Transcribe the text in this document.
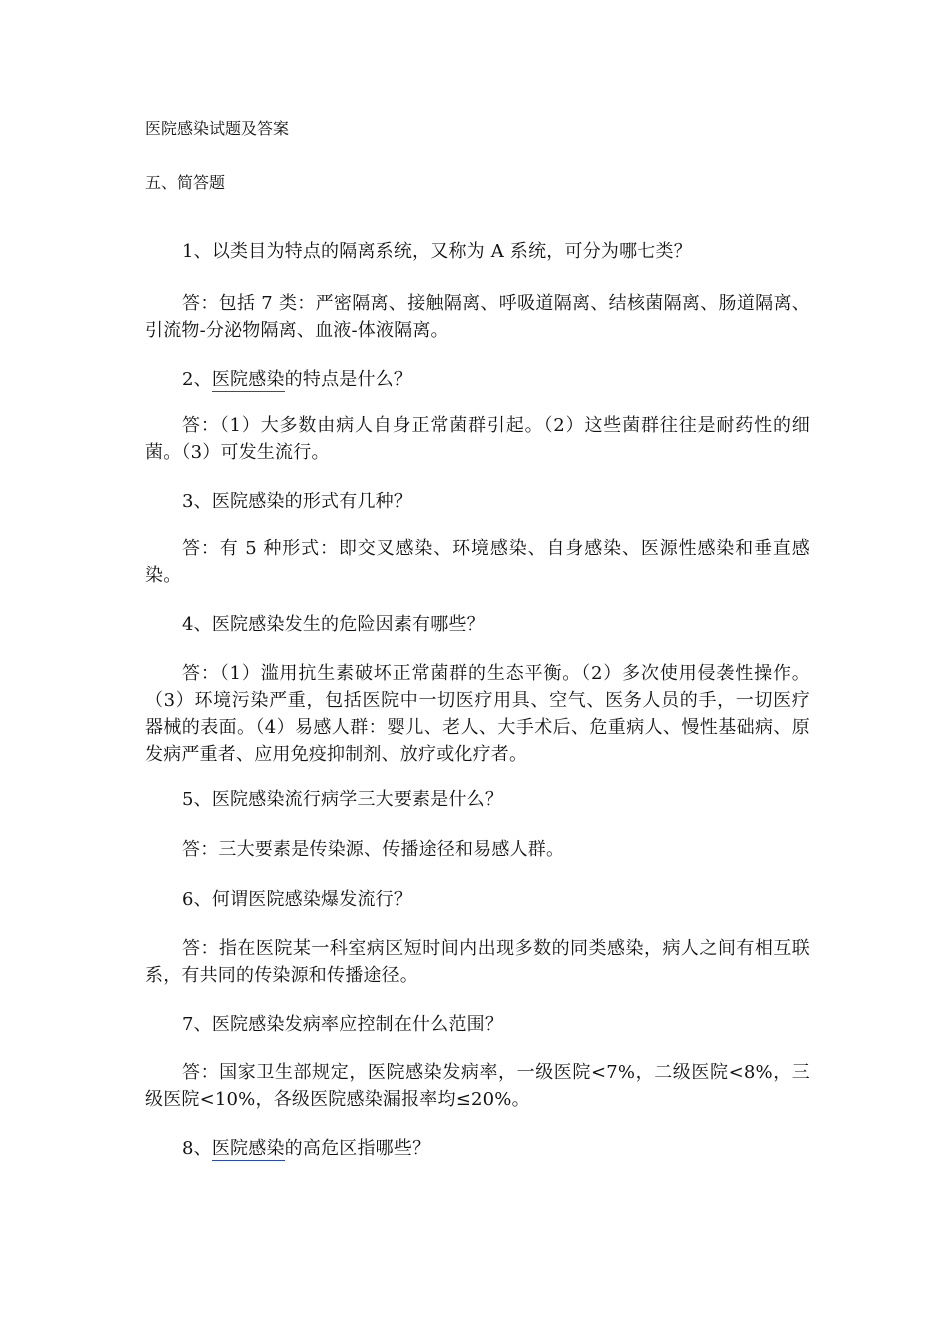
医院感染试题及答案
五、简答题
1、以类目为特点的隔离系统，又称为 A 系统，可分为哪七类？
答：包括 7 类：严密隔离、接触隔离、呼吸道隔离、结核菌隔离、肠道隔离、引流物-分泌物隔离、血液-体液隔离。
2、医院感染的特点是什么？
答：（1）大多数由病人自身正常菌群引起。（2）这些菌群往往是耐药性的细菌。（3）可发生流行。
3、医院感染的形式有几种？
答：有 5 种形式：即交叉感染、环境感染、自身感染、医源性感染和垂直感染。
4、医院感染发生的危险因素有哪些？
答：（1）滥用抗生素破坏正常菌群的生态平衡。（2）多次使用侵袭性操作。（3）环境污染严重，包括医院中一切医疗用具、空气、医务人员的手，一切医疗器械的表面。（4）易感人群：婴儿、老人、大手术后、危重病人、慢性基础病、原发病严重者、应用免疫抑制剂、放疗或化疗者。
5、医院感染流行病学三大要素是什么？
答：三大要素是传染源、传播途径和易感人群。
6、何谓医院感染爆发流行？
答：指在医院某一科室病区短时间内出现多数的同类感染，病人之间有相互联系，有共同的传染源和传播途径。
7、医院感染发病率应控制在什么范围？
答：国家卫生部规定，医院感染发病率，一级医院<7%，二级医院<8%，三级医院<10%，各级医院感染漏报率均≤20%。
8、医院感染的高危区指哪些？
